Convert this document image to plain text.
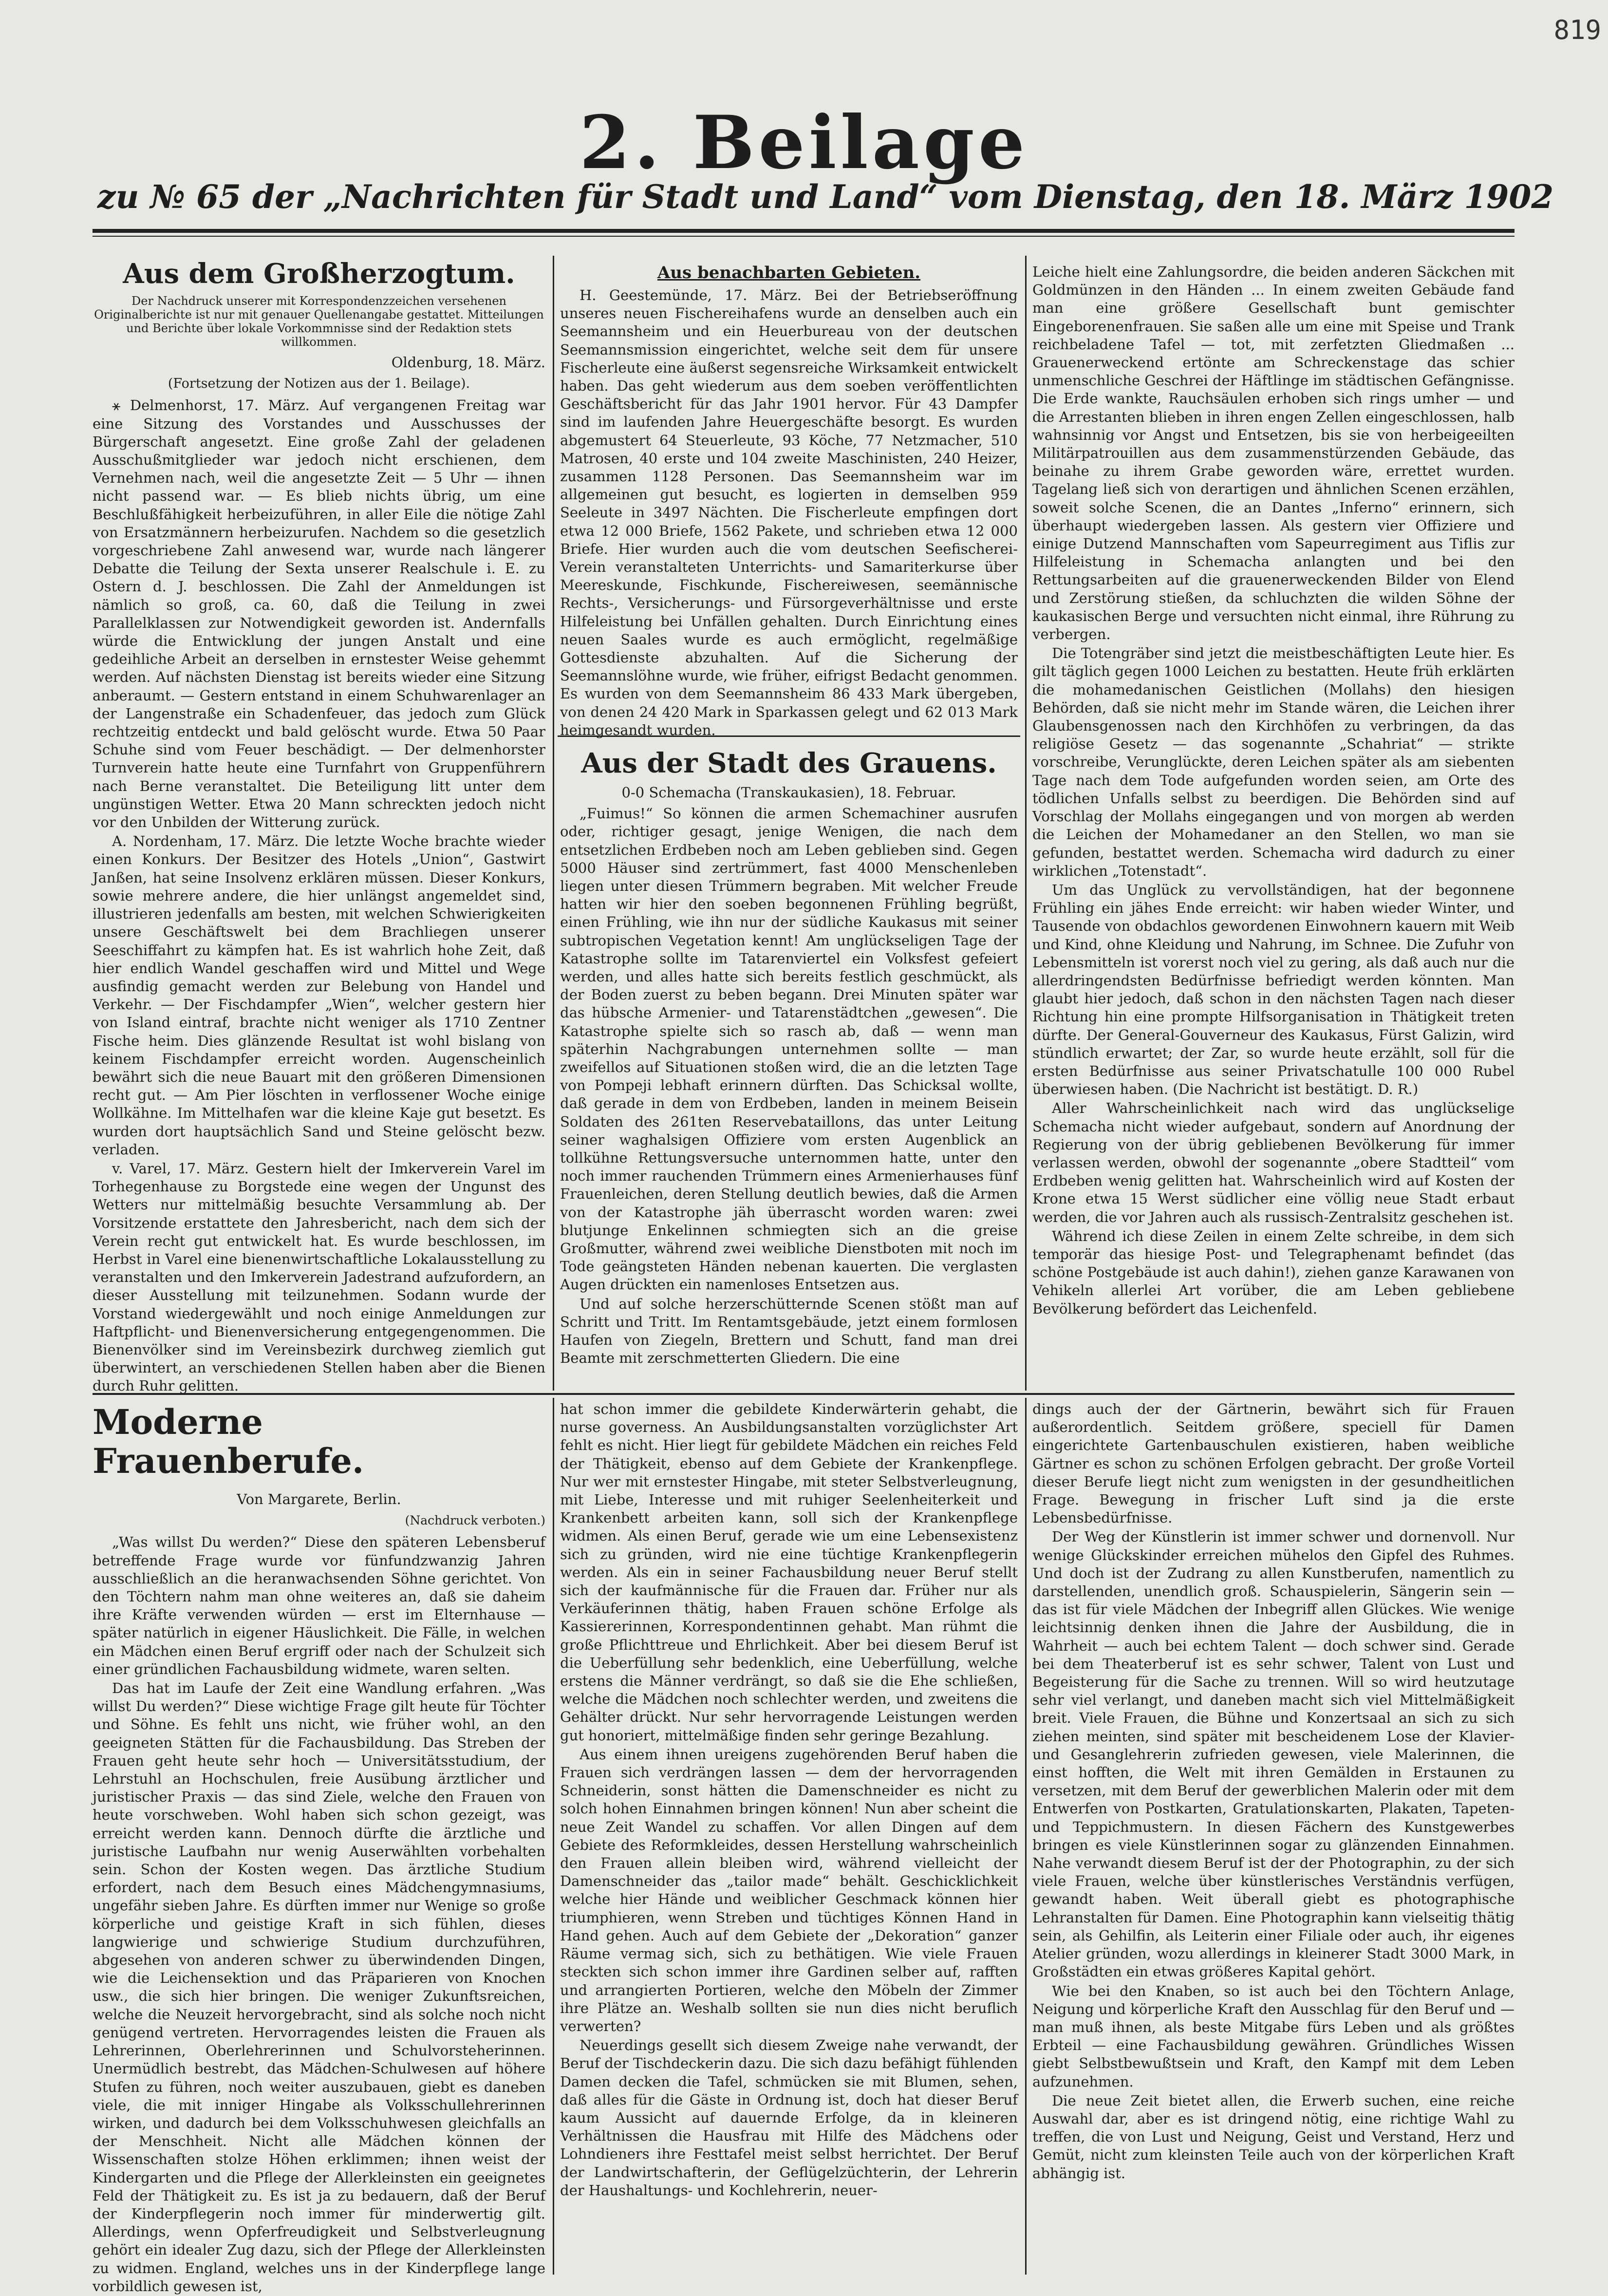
819
2. Beilage
zu № 65 der „Nachrichten für Stadt und Land“ vom Dienstag, den 18. März 1902
Aus dem Großherzogtum.
Der Nachdruck unserer mit Korrespondenzzeichen versehenen Originalberichte ist nur mit genauer Quellenangabe gestattet. Mitteilungen und Berichte über lokale Vorkommnisse sind der Redaktion stets willkommen.
Oldenburg, 18. März.
(Fortsetzung der Notizen aus der 1. Beilage).

⚹ Delmenhorst, 17. März. Auf vergangenen Freitag war eine Sitzung des Vorstandes und Ausschusses der Bürgerschaft angesetzt. Eine große Zahl der geladenen Ausschußmitglieder war jedoch nicht erschienen, dem Vernehmen nach, weil die angesetzte Zeit — 5 Uhr — ihnen nicht passend war. — Es blieb nichts übrig, um eine Beschlußfähigkeit herbeizuführen, in aller Eile die nötige Zahl von Ersatzmännern herbeizurufen. Nachdem so die gesetzlich vorgeschriebene Zahl anwesend war, wurde nach längerer Debatte die Teilung der Sexta unserer Realschule i. E. zu Ostern d. J. beschlossen. Die Zahl der Anmeldungen ist nämlich so groß, ca. 60, daß die Teilung in zwei Parallelklassen zur Notwendigkeit geworden ist. Andernfalls würde die Entwicklung der jungen Anstalt und eine gedeihliche Arbeit an derselben in ernstester Weise gehemmt werden. Auf nächsten Dienstag ist bereits wieder eine Sitzung anberaumt. — Gestern entstand in einem Schuhwarenlager an der Langenstraße ein Schadenfeuer, das jedoch zum Glück rechtzeitig entdeckt und bald gelöscht wurde. Etwa 50 Paar Schuhe sind vom Feuer beschädigt. — Der delmenhorster Turnverein hatte heute eine Turnfahrt von Gruppenführern nach Berne veranstaltet. Die Beteiligung litt unter dem ungünstigen Wetter. Etwa 20 Mann schreckten jedoch nicht vor den Unbilden der Witterung zurück.

A. Nordenham, 17. März. Die letzte Woche brachte wieder einen Konkurs. Der Besitzer des Hotels „Union“, Gastwirt Janßen, hat seine Insolvenz erklären müssen. Dieser Konkurs, sowie mehrere andere, die hier unlängst angemeldet sind, illustrieren jedenfalls am besten, mit welchen Schwierigkeiten unsere Geschäftswelt bei dem Brachliegen unserer Seeschiffahrt zu kämpfen hat. Es ist wahrlich hohe Zeit, daß hier endlich Wandel geschaffen wird und Mittel und Wege ausfindig gemacht werden zur Belebung von Handel und Verkehr. — Der Fischdampfer „Wien“, welcher gestern hier von Island eintraf, brachte nicht weniger als 1710 Zentner Fische heim. Dies glänzende Resultat ist wohl bislang von keinem Fischdampfer erreicht worden. Augenscheinlich bewährt sich die neue Bauart mit den größeren Dimensionen recht gut. — Am Pier löschten in verflossener Woche einige Wollkähne. Im Mittelhafen war die kleine Kaje gut besetzt. Es wurden dort hauptsächlich Sand und Steine gelöscht bezw. verladen.

v. Varel, 17. März. Gestern hielt der Imkerverein Varel im Torhegenhause zu Borgstede eine wegen der Ungunst des Wetters nur mittelmäßig besuchte Versammlung ab. Der Vorsitzende erstattete den Jahresbericht, nach dem sich der Verein recht gut entwickelt hat. Es wurde beschlossen, im Herbst in Varel eine bienenwirtschaftliche Lokalausstellung zu veranstalten und den Imkerverein Jadestrand aufzufordern, an dieser Ausstellung mit teilzunehmen. Sodann wurde der Vorstand wiedergewählt und noch einige Anmeldungen zur Haftpflicht- und Bienenversicherung entgegengenommen. Die Bienenvölker sind im Vereinsbezirk durchweg ziemlich gut überwintert, an verschiedenen Stellen haben aber die Bienen durch Ruhr gelitten.

Aus benachbarten Gebieten.

H. Geestemünde, 17. März. Bei der Betriebseröffnung unseres neuen Fischereihafens wurde an denselben auch ein Seemannsheim und ein Heuerbureau von der deutschen Seemannsmission eingerichtet, welche seit dem für unsere Fischerleute eine äußerst segensreiche Wirksamkeit entwickelt haben. Das geht wiederum aus dem soeben veröffentlichten Geschäftsbericht für das Jahr 1901 hervor. Für 43 Dampfer sind im laufenden Jahre Heuergeschäfte besorgt. Es wurden abgemustert 64 Steuerleute, 93 Köche, 77 Netzmacher, 510 Matrosen, 40 erste und 104 zweite Maschinisten, 240 Heizer, zusammen 1128 Personen. Das Seemannsheim war im allgemeinen gut besucht, es logierten in demselben 959 Seeleute in 3497 Nächten. Die Fischerleute empfingen dort etwa 12 000 Briefe, 1562 Pakete, und schrieben etwa 12 000 Briefe. Hier wurden auch die vom deutschen Seefischerei-Verein veranstalteten Unterrichts- und Samariterkurse über Meereskunde, Fischkunde, Fischereiwesen, seemännische Rechts-, Versicherungs- und Fürsorgeverhältnisse und erste Hilfeleistung bei Unfällen gehalten. Durch Einrichtung eines neuen Saales wurde es auch ermöglicht, regelmäßige Gottesdienste abzuhalten. Auf die Sicherung der Seemannslöhne wurde, wie früher, eifrigst Bedacht genommen. Es wurden von dem Seemannsheim 86 433 Mark übergeben, von denen 24 420 Mark in Sparkassen gelegt und 62 013 Mark heimgesandt wurden.

Aus der Stadt des Grauens.
0-0 Schemacha (Transkaukasien), 18. Februar.

„Fuimus!“ So können die armen Schemachiner ausrufen oder, richtiger gesagt, jenige Wenigen, die nach dem entsetzlichen Erdbeben noch am Leben geblieben sind. Gegen 5000 Häuser sind zertrümmert, fast 4000 Menschenleben liegen unter diesen Trümmern begraben. Mit welcher Freude hatten wir hier den soeben begonnenen Frühling begrüßt, einen Frühling, wie ihn nur der südliche Kaukasus mit seiner subtropischen Vegetation kennt! Am unglückseligen Tage der Katastrophe sollte im Tatarenviertel ein Volksfest gefeiert werden, und alles hatte sich bereits festlich geschmückt, als der Boden zuerst zu beben begann. Drei Minuten später war das hübsche Armenier- und Tatarenstädtchen „gewesen“. Die Katastrophe spielte sich so rasch ab, daß — wenn man späterhin Nachgrabungen unternehmen sollte — man zweifellos auf Situationen stoßen wird, die an die letzten Tage von Pompeji lebhaft erinnern dürften. Das Schicksal wollte, daß gerade in dem von Erdbeben, landen in meinem Beisein Soldaten des 261ten Reservebataillons, das unter Leitung seiner waghalsigen Offiziere vom ersten Augenblick an tollkühne Rettungsversuche unternommen hatte, unter den noch immer rauchenden Trümmern eines Armenierhauses fünf Frauenleichen, deren Stellung deutlich bewies, daß die Armen von der Katastrophe jäh überrascht worden waren: zwei blutjunge Enkelinnen schmiegten sich an die greise Großmutter, während zwei weibliche Dienstboten mit noch im Tode geängsteten Händen nebenan kauerten. Die verglasten Augen drückten ein namenloses Entsetzen aus.

Und auf solche herzerschütternde Scenen stößt man auf Schritt und Tritt. Im Rentamtsgebäude, jetzt einem formlosen Haufen von Ziegeln, Brettern und Schutt, fand man drei Beamte mit zerschmetterten Gliedern. Die eine

Leiche hielt eine Zahlungsordre, die beiden anderen Säckchen mit Goldmünzen in den Händen ... In einem zweiten Gebäude fand man eine größere Gesellschaft bunt gemischter Eingeborenenfrauen. Sie saßen alle um eine mit Speise und Trank reichbeladene Tafel — tot, mit zerfetzten Gliedmaßen ... Grauenerweckend ertönte am Schreckenstage das schier unmenschliche Geschrei der Häftlinge im städtischen Gefängnisse. Die Erde wankte, Rauchsäulen erhoben sich rings umher — und die Arrestanten blieben in ihren engen Zellen eingeschlossen, halb wahnsinnig vor Angst und Entsetzen, bis sie von herbeigeeilten Militärpatrouillen aus dem zusammenstürzenden Gebäude, das beinahe zu ihrem Grabe geworden wäre, errettet wurden. Tagelang ließ sich von derartigen und ähnlichen Scenen erzählen, soweit solche Scenen, die an Dantes „Inferno“ erinnern, sich überhaupt wiedergeben lassen. Als gestern vier Offiziere und einige Dutzend Mannschaften vom Sapeurregiment aus Tiflis zur Hilfeleistung in Schemacha anlangten und bei den Rettungsarbeiten auf die grauenerweckenden Bilder von Elend und Zerstörung stießen, da schluchzten die wilden Söhne der kaukasischen Berge und versuchten nicht einmal, ihre Rührung zu verbergen.

Die Totengräber sind jetzt die meistbeschäftigten Leute hier. Es gilt täglich gegen 1000 Leichen zu bestatten. Heute früh erklärten die mohamedanischen Geistlichen (Mollahs) den hiesigen Behörden, daß sie nicht mehr im Stande wären, die Leichen ihrer Glaubensgenossen nach den Kirchhöfen zu verbringen, da das religiöse Gesetz — das sogenannte „Schahriat“ — strikte vorschreibe, Verunglückte, deren Leichen später als am siebenten Tage nach dem Tode aufgefunden worden seien, am Orte des tödlichen Unfalls selbst zu beerdigen. Die Behörden sind auf Vorschlag der Mollahs eingegangen und von morgen ab werden die Leichen der Mohamedaner an den Stellen, wo man sie gefunden, bestattet werden. Schemacha wird dadurch zu einer wirklichen „Totenstadt“.

Um das Unglück zu vervollständigen, hat der begonnene Frühling ein jähes Ende erreicht: wir haben wieder Winter, und Tausende von obdachlos gewordenen Einwohnern kauern mit Weib und Kind, ohne Kleidung und Nahrung, im Schnee. Die Zufuhr von Lebensmitteln ist vorerst noch viel zu gering, als daß auch nur die allerdringendsten Bedürfnisse befriedigt werden könnten. Man glaubt hier jedoch, daß schon in den nächsten Tagen nach dieser Richtung hin eine prompte Hilfsorganisation in Thätigkeit treten dürfte. Der General-Gouverneur des Kaukasus, Fürst Galizin, wird stündlich erwartet; der Zar, so wurde heute erzählt, soll für die ersten Bedürfnisse aus seiner Privatschatulle 100 000 Rubel überwiesen haben. (Die Nachricht ist bestätigt. D. R.)

Aller Wahrscheinlichkeit nach wird das unglückselige Schemacha nicht wieder aufgebaut, sondern auf Anordnung der Regierung von der übrig gebliebenen Bevölkerung für immer verlassen werden, obwohl der sogenannte „obere Stadtteil“ vom Erdbeben wenig gelitten hat. Wahrscheinlich wird auf Kosten der Krone etwa 15 Werst südlicher eine völlig neue Stadt erbaut werden, die vor Jahren auch als russisch-Zentralsitz geschehen ist.

Während ich diese Zeilen in einem Zelte schreibe, in dem sich temporär das hiesige Post- und Telegraphenamt befindet (das schöne Postgebäude ist auch dahin!), ziehen ganze Karawanen von Vehikeln allerlei Art vorüber, die am Leben gebliebene Bevölkerung befördert das Leichenfeld.

Moderne Frauenberufe.
Von Margarete, Berlin.
(Nachdruck verboten.)

„Was willst Du werden?“ Diese den späteren Lebensberuf betreffende Frage wurde vor fünfundzwanzig Jahren ausschließlich an die heranwachsenden Söhne gerichtet. Von den Töchtern nahm man ohne weiteres an, daß sie daheim ihre Kräfte verwenden würden — erst im Elternhause — später natürlich in eigener Häuslichkeit. Die Fälle, in welchen ein Mädchen einen Beruf ergriff oder nach der Schulzeit sich einer gründlichen Fachausbildung widmete, waren selten.

Das hat im Laufe der Zeit eine Wandlung erfahren. „Was willst Du werden?“ Diese wichtige Frage gilt heute für Töchter und Söhne. Es fehlt uns nicht, wie früher wohl, an den geeigneten Stätten für die Fachausbildung. Das Streben der Frauen geht heute sehr hoch — Universitätsstudium, der Lehrstuhl an Hochschulen, freie Ausübung ärztlicher und juristischer Praxis — das sind Ziele, welche den Frauen von heute vorschweben. Wohl haben sich schon gezeigt, was erreicht werden kann. Dennoch dürfte die ärztliche und juristische Laufbahn nur wenig Auserwählten vorbehalten sein. Schon der Kosten wegen. Das ärztliche Studium erfordert, nach dem Besuch eines Mädchengymnasiums, ungefähr sieben Jahre. Es dürften immer nur Wenige so große körperliche und geistige Kraft in sich fühlen, dieses langwierige und schwierige Studium durchzuführen, abgesehen von anderen schwer zu überwindenden Dingen, wie die Leichensektion und das Präparieren von Knochen usw., die sich hier bringen. Die weniger Zukunftsreichen, welche die Neuzeit hervorgebracht, sind als solche noch nicht genügend vertreten. Hervorragendes leisten die Frauen als Lehrerinnen, Oberlehrerinnen und Schulvorsteherinnen. Unermüdlich bestrebt, das Mädchen-Schulwesen auf höhere Stufen zu führen, noch weiter auszubauen, giebt es daneben viele, die mit inniger Hingabe als Volksschullehrerinnen wirken, und dadurch bei dem Volksschuhwesen gleichfalls an der Menschheit. Nicht alle Mädchen können der Wissenschaften stolze Höhen erklimmen; ihnen weist der Kindergarten und die Pflege der Allerkleinsten ein geeignetes Feld der Thätigkeit zu. Es ist ja zu bedauern, daß der Beruf der Kinderpflegerin noch immer für minderwertig gilt. Allerdings, wenn Opferfreudigkeit und Selbstverleugnung gehört ein idealer Zug dazu, sich der Pflege der Allerkleinsten zu widmen. England, welches uns in der Kinderpflege lange vorbildlich gewesen ist,

hat schon immer die gebildete Kinderwärterin gehabt, die nurse governess. An Ausbildungsanstalten vorzüglichster Art fehlt es nicht. Hier liegt für gebildete Mädchen ein reiches Feld der Thätigkeit, ebenso auf dem Gebiete der Krankenpflege. Nur wer mit ernstester Hingabe, mit steter Selbstverleugnung, mit Liebe, Interesse und mit ruhiger Seelenheiterkeit und Krankenbett arbeiten kann, soll sich der Krankenpflege widmen. Als einen Beruf, gerade wie um eine Lebensexistenz sich zu gründen, wird nie eine tüchtige Krankenpflegerin werden. Als ein in seiner Fachausbildung neuer Beruf stellt sich der kaufmännische für die Frauen dar. Früher nur als Verkäuferinnen thätig, haben Frauen schöne Erfolge als Kassiererinnen, Korrespondentinnen gehabt. Man rühmt die große Pflichttreue und Ehrlichkeit. Aber bei diesem Beruf ist die Ueberfüllung sehr bedenklich, eine Ueberfüllung, welche erstens die Männer verdrängt, so daß sie die Ehe schließen, welche die Mädchen noch schlechter werden, und zweitens die Gehälter drückt. Nur sehr hervorragende Leistungen werden gut honoriert, mittelmäßige finden sehr geringe Bezahlung.

Aus einem ihnen ureigens zugehörenden Beruf haben die Frauen sich verdrängen lassen — dem der hervorragenden Schneiderin, sonst hätten die Damenschneider es nicht zu solch hohen Einnahmen bringen können! Nun aber scheint die neue Zeit Wandel zu schaffen. Vor allen Dingen auf dem Gebiete des Reformkleides, dessen Herstellung wahrscheinlich den Frauen allein bleiben wird, während vielleicht der Damenschneider das „tailor made“ behält. Geschicklichkeit welche hier Hände und weiblicher Geschmack können hier triumphieren, wenn Streben und tüchtiges Können Hand in Hand gehen. Auch auf dem Gebiete der „Dekoration“ ganzer Räume vermag sich, sich zu bethätigen. Wie viele Frauen steckten sich schon immer ihre Gardinen selber auf, rafften und arrangierten Portieren, welche den Möbeln der Zimmer ihre Plätze an. Weshalb sollten sie nun dies nicht beruflich verwerten?

Neuerdings gesellt sich diesem Zweige nahe verwandt, der Beruf der Tischdeckerin dazu. Die sich dazu befähigt fühlenden Damen decken die Tafel, schmücken sie mit Blumen, sehen, daß alles für die Gäste in Ordnung ist, doch hat dieser Beruf kaum Aussicht auf dauernde Erfolge, da in kleineren Verhältnissen die Hausfrau mit Hilfe des Mädchens oder Lohndieners ihre Festtafel meist selbst herrichtet. Der Beruf der Landwirtschafterin, der Geflügelzüchterin, der Lehrerin der Haushaltungs- und Kochlehrerin, neuer-

dings auch der der Gärtnerin, bewährt sich für Frauen außerordentlich. Seitdem größere, speciell für Damen eingerichtete Gartenbauschulen existieren, haben weibliche Gärtner es schon zu schönen Erfolgen gebracht. Der große Vorteil dieser Berufe liegt nicht zum wenigsten in der gesundheitlichen Frage. Bewegung in frischer Luft sind ja die erste Lebensbedürfnisse.

Der Weg der Künstlerin ist immer schwer und dornenvoll. Nur wenige Glückskinder erreichen mühelos den Gipfel des Ruhmes. Und doch ist der Zudrang zu allen Kunstberufen, namentlich zu darstellenden, unendlich groß. Schauspielerin, Sängerin sein — das ist für viele Mädchen der Inbegriff allen Glückes. Wie wenige leichtsinnig denken ihnen die Jahre der Ausbildung, die in Wahrheit — auch bei echtem Talent — doch schwer sind. Gerade bei dem Theaterberuf ist es sehr schwer, Talent von Lust und Begeisterung für die Sache zu trennen. Will so wird heutzutage sehr viel verlangt, und daneben macht sich viel Mittelmäßigkeit breit. Viele Frauen, die Bühne und Konzertsaal an sich zu sich ziehen meinten, sind später mit bescheidenem Lose der Klavier- und Gesanglehrerin zufrieden gewesen, viele Malerinnen, die einst hofften, die Welt mit ihren Gemälden in Erstaunen zu versetzen, mit dem Beruf der gewerblichen Malerin oder mit dem Entwerfen von Postkarten, Gratulationskarten, Plakaten, Tapeten- und Teppichmustern. In diesen Fächern des Kunstgewerbes bringen es viele Künstlerinnen sogar zu glänzenden Einnahmen. Nahe verwandt diesem Beruf ist der der Photographin, zu der sich viele Frauen, welche über künstlerisches Verständnis verfügen, gewandt haben. Weit überall giebt es photographische Lehranstalten für Damen. Eine Photographin kann vielseitig thätig sein, als Gehilfin, als Leiterin einer Filiale oder auch, ihr eigenes Atelier gründen, wozu allerdings in kleinerer Stadt 3000 Mark, in Großstädten ein etwas größeres Kapital gehört.

Wie bei den Knaben, so ist auch bei den Töchtern Anlage, Neigung und körperliche Kraft den Ausschlag für den Beruf und — man muß ihnen, als beste Mitgabe fürs Leben und als größtes Erbteil — eine Fachausbildung gewähren. Gründliches Wissen giebt Selbstbewußtsein und Kraft, den Kampf mit dem Leben aufzunehmen.

Die neue Zeit bietet allen, die Erwerb suchen, eine reiche Auswahl dar, aber es ist dringend nötig, eine richtige Wahl zu treffen, die von Lust und Neigung, Geist und Verstand, Herz und Gemüt, nicht zum kleinsten Teile auch von der körperlichen Kraft abhängig ist.
